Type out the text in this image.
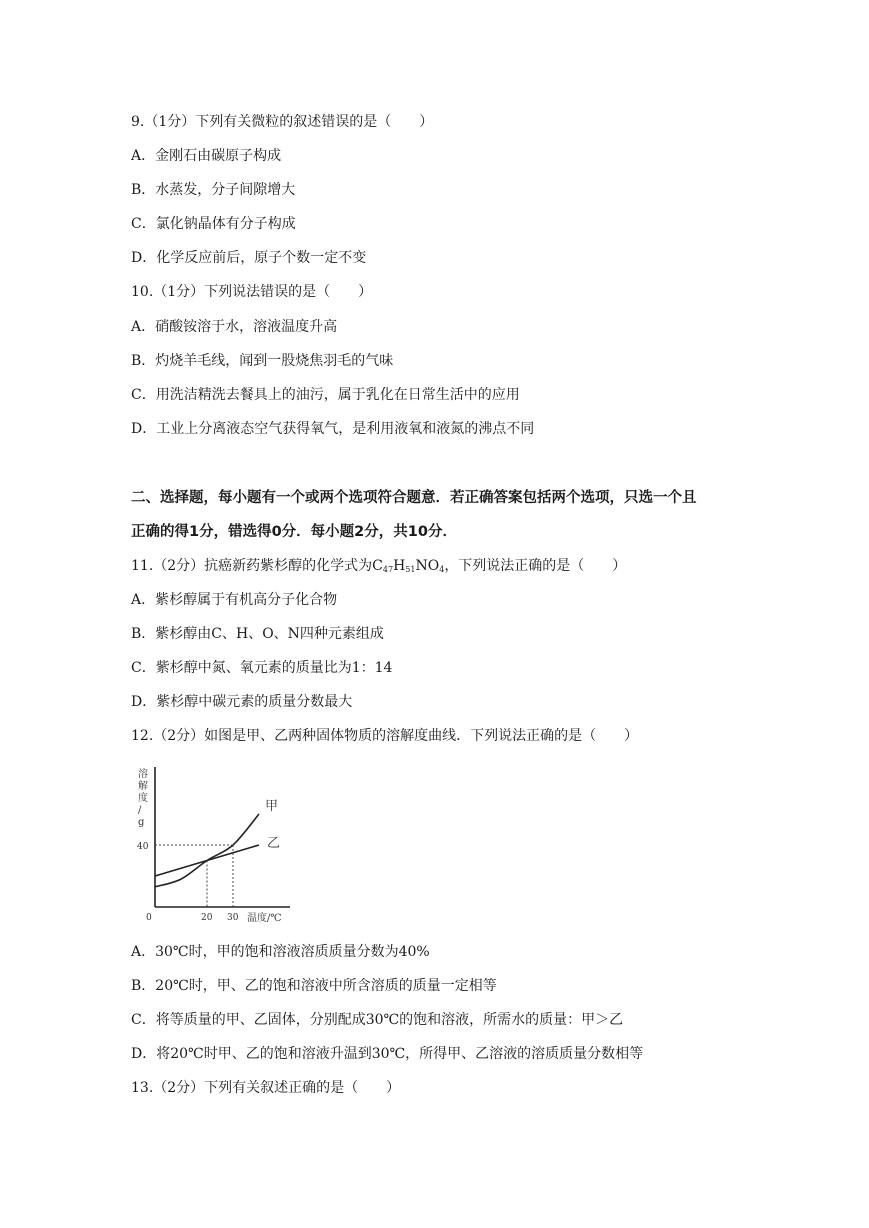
9.（1分）下列有关微粒的叙述错误的是（　　）
A．金刚石由碳原子构成
B．水蒸发，分子间隙增大
C．氯化钠晶体有分子构成
D．化学反应前后，原子个数一定不变
10.（1分）下列说法错误的是（　　）
A．硝酸铵溶于水，溶液温度升高
B．灼烧羊毛线，闻到一股烧焦羽毛的气味
C．用洗洁精洗去餐具上的油污，属于乳化在日常生活中的应用
D．工业上分离液态空气获得氧气，是利用液氧和液氮的沸点不同
二、选择题，每小题有一个或两个选项符合题意．若正确答案包括两个选项，只选一个且
正确的得1分，错选得0分．每小题2分，共10分．
11.（2分）抗癌新药紫杉醇的化学式为$C_{47}H_{51}NO_4$，下列说法正确的是（　　）
A．紫杉醇属于有机高分子化合物
B．紫杉醇由C、H、O、N四种元素组成
C．紫杉醇中氮、氧元素的质量比为1：14
D．紫杉醇中碳元素的质量分数最大
12.（2分）如图是甲、乙两种固体物质的溶解度曲线．下列说法正确的是（　　）
甲
乙
40
0	20 30 温度/℃
溶解度/ g
A．30℃时，甲的饱和溶液溶质质量分数为40%
B．20℃时，甲、乙的饱和溶液中所含溶质的质量一定相等
C．将等质量的甲、乙固体，分别配成30℃的饱和溶液，所需水的质量：甲＞乙
D．将20℃时甲、乙的饱和溶液升温到30℃，所得甲、乙溶液的溶质质量分数相等
13.（2分）下列有关叙述正确的是（　　）
